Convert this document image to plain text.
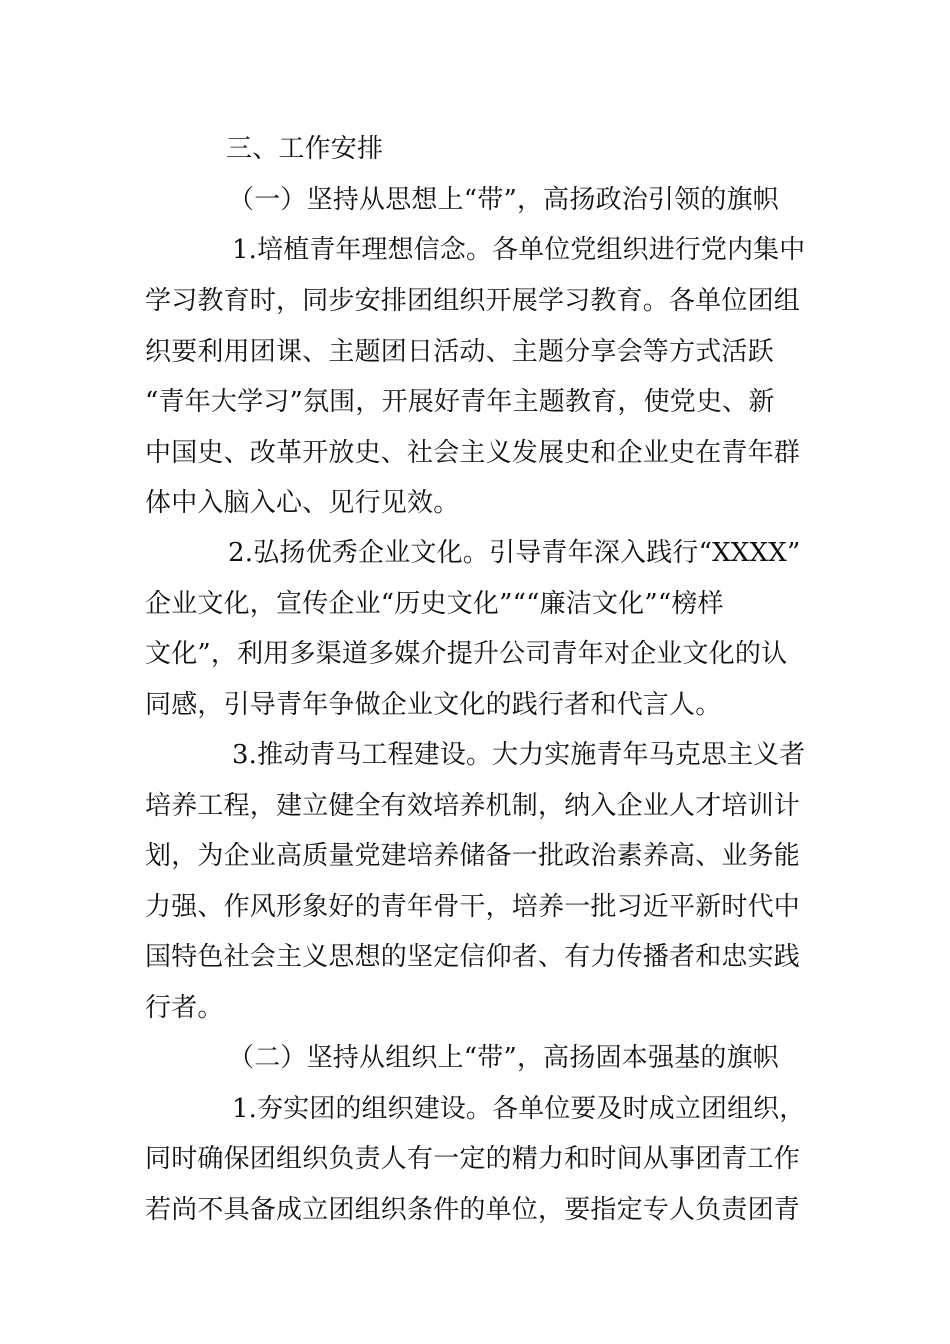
三、工作安排
（一）坚持从思想上“带”，高扬政治引领的旗帜
1.培植青年理想信念。各单位党组织进行党内集中
学习教育时，同步安排团组织开展学习教育。各单位团组
织要利用团课、主题团日活动、主题分享会等方式活跃
“青年大学习”氛围，开展好青年主题教育，使党史、新
中国史、改革开放史、社会主义发展史和企业史在青年群
体中入脑入心、见行见效。
2.弘扬优秀企业文化。引导青年深入践行“XXXX”
企业文化，宣传企业“历史文化”““廉洁文化”“榜样
文化”，利用多渠道多媒介提升公司青年对企业文化的认
同感，引导青年争做企业文化的践行者和代言人。
3.推动青马工程建设。大力实施青年马克思主义者
培养工程，建立健全有效培养机制，纳入企业人才培训计
划，为企业高质量党建培养储备一批政治素养高、业务能
力强、作风形象好的青年骨干，培养一批习近平新时代中
国特色社会主义思想的坚定信仰者、有力传播者和忠实践
行者。
（二）坚持从组织上“带”，高扬固本强基的旗帜
1.夯实团的组织建设。各单位要及时成立团组织，
同时确保团组织负责人有一定的精力和时间从事团青工作
若尚不具备成立团组织条件的单位，要指定专人负责团青
